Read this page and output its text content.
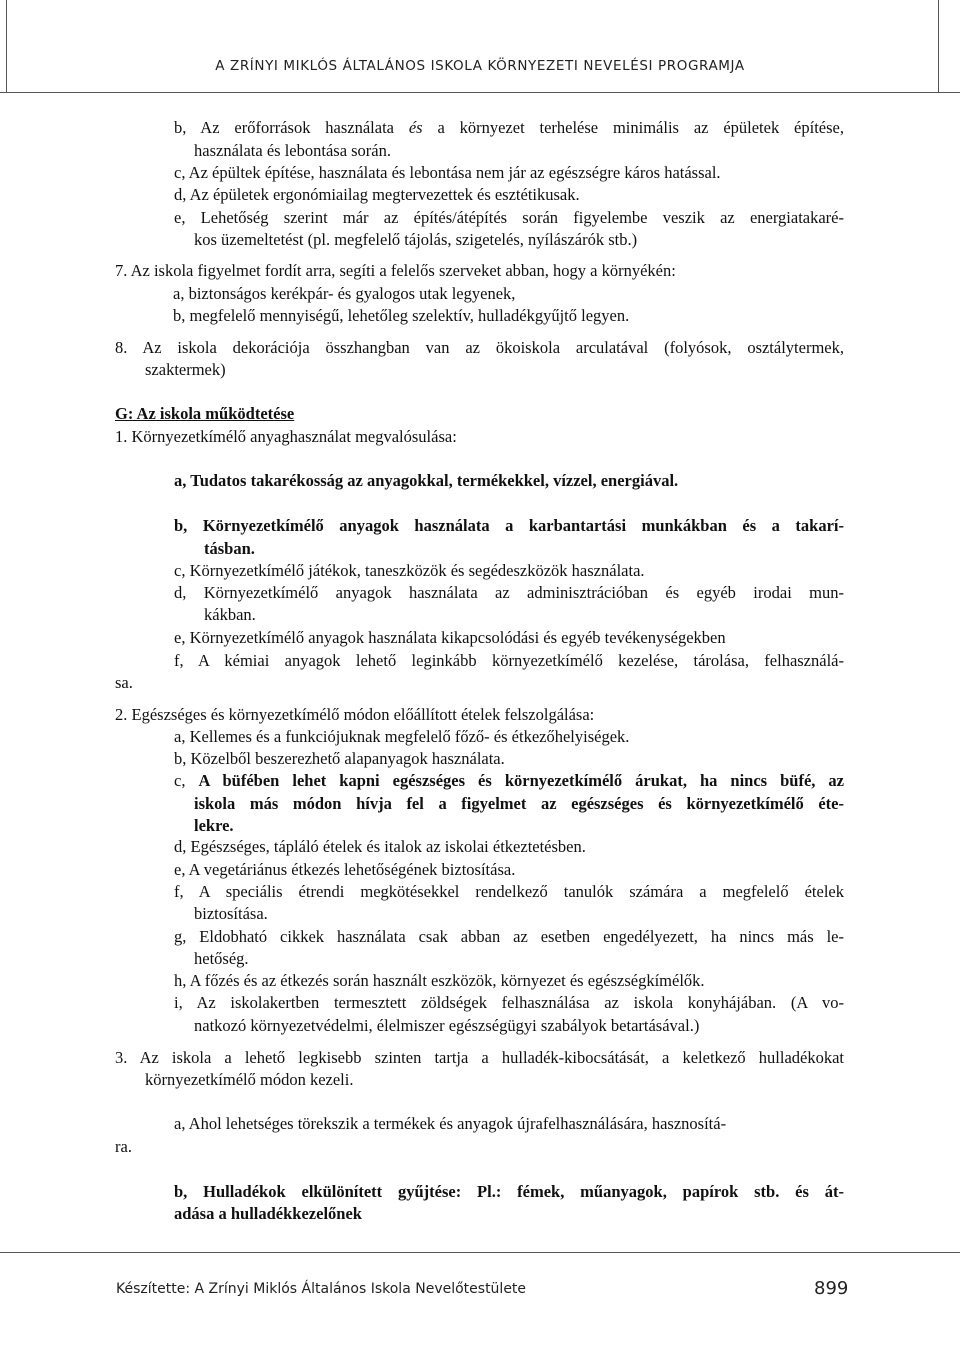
A ZRÍNYI MIKLÓS ÁLTALÁNOS ISKOLA KÖRNYEZETI NEVELÉSI PROGRAMJA
b, Az erőforrások használata és a környezet terhelése minimális az épületek építése,
használata és lebontása során.
c, Az épültek építése, használata és lebontása nem jár az egészségre káros hatással.
d, Az épületek ergonómiailag megtervezettek és esztétikusak.
e, Lehetőség szerint már az építés/átépítés során figyelembe veszik az energiatakaré-
kos üzemeltetést (pl. megfelelő tájolás, szigetelés, nyílászárók stb.)
7. Az iskola figyelmet fordít arra, segíti a felelős szerveket abban, hogy a környékén:
a, biztonságos kerékpár- és gyalogos utak legyenek,
b, megfelelő mennyiségű, lehetőleg szelektív, hulladékgyűjtő legyen.
8. Az iskola dekorációja összhangban van az ökoiskola arculatával (folyósok, osztálytermek,
szaktermek)
G: Az iskola működtetése
1. Környezetkímélő anyaghasználat megvalósulása:
a, Tudatos takarékosság az anyagokkal, termékekkel, vízzel, energiával.
b, Környezetkímélő anyagok használata a karbantartási munkákban és a takarí-
tásban.
c, Környezetkímélő játékok, taneszközök és segédeszközök használata.
d, Környezetkímélő anyagok használata az adminisztrációban és egyéb irodai mun-
kákban.
e, Környezetkímélő anyagok használata kikapcsolódási és egyéb tevékenységekben
f, A kémiai anyagok lehető leginkább környezetkímélő kezelése, tárolása, felhasználá-
sa.
2. Egészséges és környezetkímélő módon előállított ételek felszolgálása:
a, Kellemes és a funkciójuknak megfelelő főző- és étkezőhelyiségek.
b, Közelből beszerezhető alapanyagok használata.
c, A büfében lehet kapni egészséges és környezetkímélő árukat, ha nincs büfé, az
iskola más módon hívja fel a figyelmet az egészséges és környezetkímélő éte-
lekre.
d, Egészséges, tápláló ételek és italok az iskolai étkeztetésben.
e, A vegetáriánus étkezés lehetőségének biztosítása.
f, A speciális étrendi megkötésekkel rendelkező tanulók számára a megfelelő ételek
biztosítása.
g, Eldobható cikkek használata csak abban az esetben engedélyezett, ha nincs más le-
hetőség.
h, A főzés és az étkezés során használt eszközök, környezet és egészségkímélők.
i, Az iskolakertben termesztett zöldségek felhasználása az iskola konyhájában. (A vo-
natkozó környezetvédelmi, élelmiszer egészségügyi szabályok betartásával.)
3. Az iskola a lehető legkisebb szinten tartja a hulladék-kibocsátását, a keletkező hulladékokat
környezetkímélő módon kezeli.
a, Ahol lehetséges törekszik a termékek és anyagok újrafelhasználására, hasznosítá-
ra.
b, Hulladékok elkülönített gyűjtése: Pl.: fémek, műanyagok, papírok stb. és át-
adása a hulladékkezelőnek
Készítette: A Zrínyi Miklós Általános Iskola Nevelőtestülete	899
